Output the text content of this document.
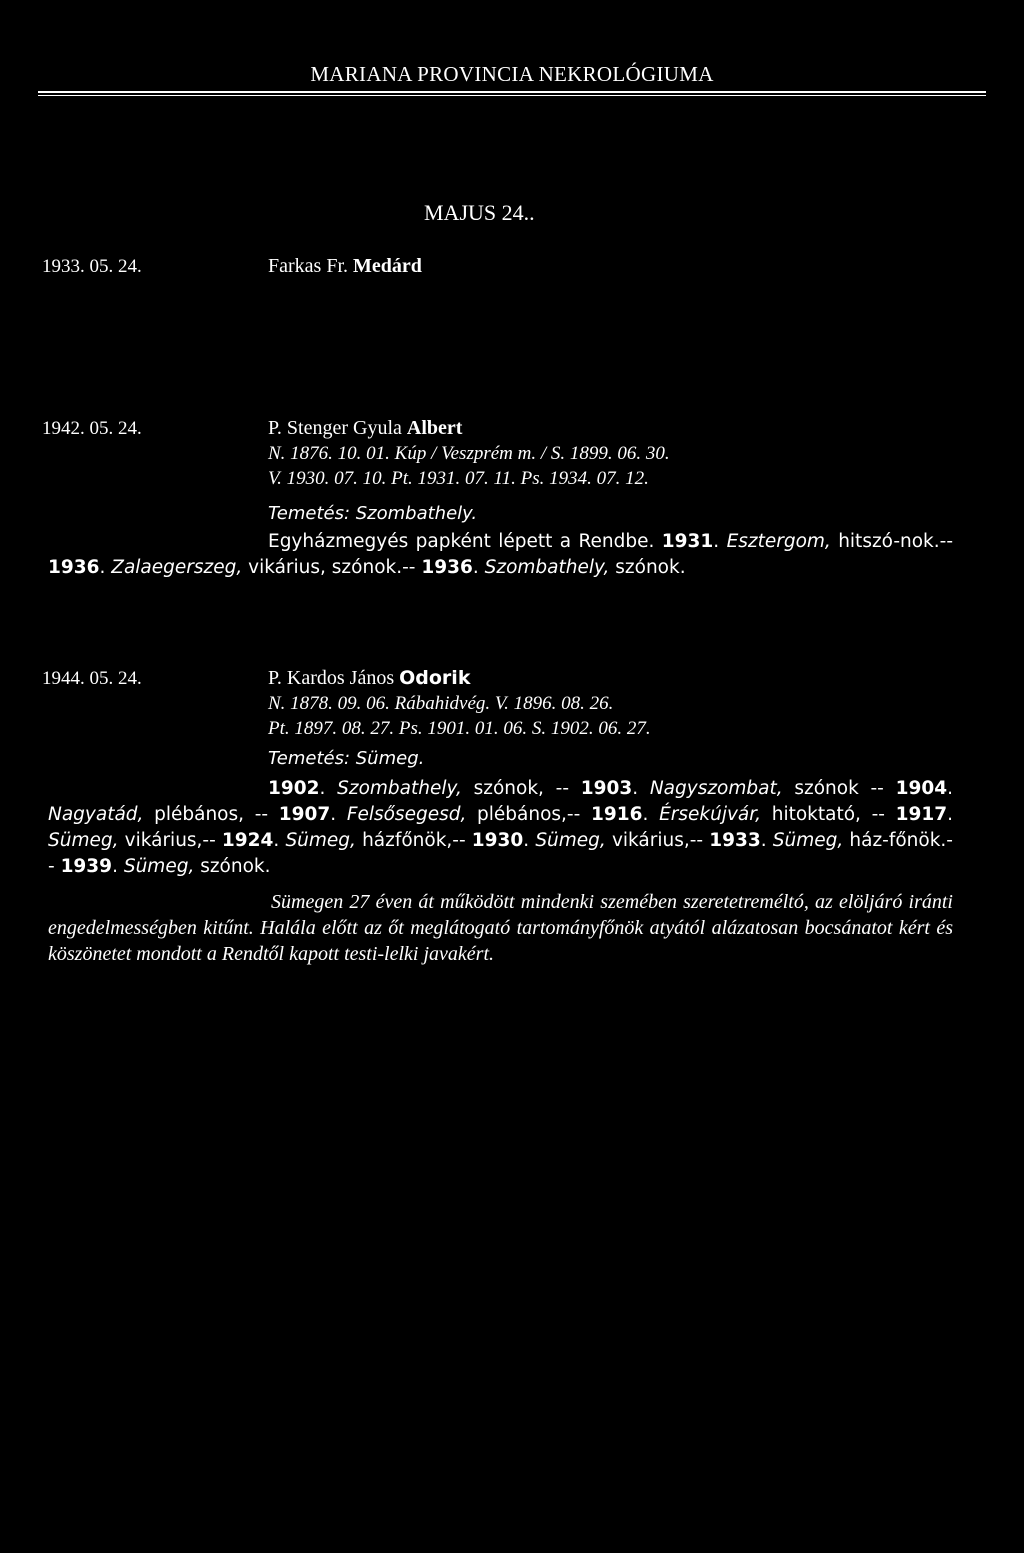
MARIANA PROVINCIA NEKROLÓGIUMA
MAJUS 24..
1933. 05. 24.	Farkas Fr. Medárd
1942. 05. 24.	P. Stenger Gyula Albert
N. 1876. 10. 01. Kúp / Veszprém m. / S. 1899. 06. 30.
V. 1930. 07. 10. Pt. 1931. 07. 11. Ps. 1934. 07. 12.
Temetés: Szombathely.
Egyházmegyés papként lépett a Rendbe. 1931. Esztergom, hitszó-nok.-- 1936. Zalaegerszeg, vikárius, szónok.-- 1936. Szombathely, szónok.
1944. 05. 24.	P. Kardos János Odorik
N. 1878. 09. 06. Rábahidvég. V. 1896. 08. 26.
Pt. 1897. 08. 27. Ps. 1901. 01. 06. S. 1902. 06. 27.
Temetés: Sümeg.
1902. Szombathely, szónok, -- 1903. Nagyszombat, szónok -- 1904. Nagyatád, plébános, -- 1907. Felsősegesd, plébános,-- 1916. Érsekújvár, hitoktató, -- 1917. Sümeg, vikárius,-- 1924. Sümeg, házfőnök,-- 1930. Sümeg, vikárius,-- 1933. Sümeg, ház-főnök.-- 1939. Sümeg, szónok.
Sümegen 27 éven át működött mindenki szemében szeretetreméltó, az elöljáró iránti engedelmességben kitűnt. Halála előtt az őt meglátogató tartományfőnök atyától alázatosan bocsánatot kért és köszönetet mondott a Rendtől kapott testi-lelki javakért.
